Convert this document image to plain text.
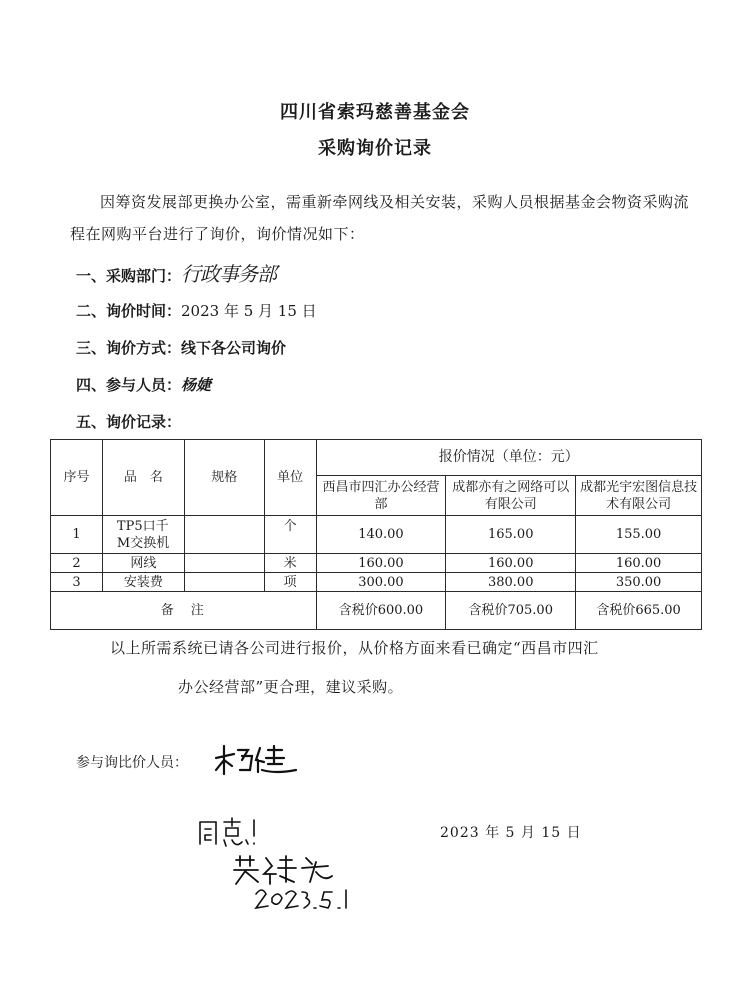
四川省索玛慈善基金会
采购询价记录
因筹资发展部更换办公室，需重新牵网线及相关安装，采购人员根据基金会物资采购流程在网购平台进行了询价，询价情况如下：
一、采购部门：行政事务部
二、询价时间：2023 年 5 月 15 日
三、询价方式：线下各公司询价
四、参与人员：杨婕
五、询价记录：
序号	品　名	规格	单位	报价情况（单位：元）		
				西昌市四汇办公经营部	成都亦有之网络可以有限公司	成都光宇宏图信息技术有限公司
1	TP5口千M交换机		个	140.00	165.00	155.00
2	网线		米	160.00	160.00	160.00
3	安装费		项	300.00	380.00	350.00
备　注				含税价600.00	含税价705.00	含税价665.00
以上所需系统已请各公司进行报价，从价格方面来看已确定“西昌市四汇
办公经营部”更合理，建议采购。
参与询比价人员：
2023 年 5 月 15 日
